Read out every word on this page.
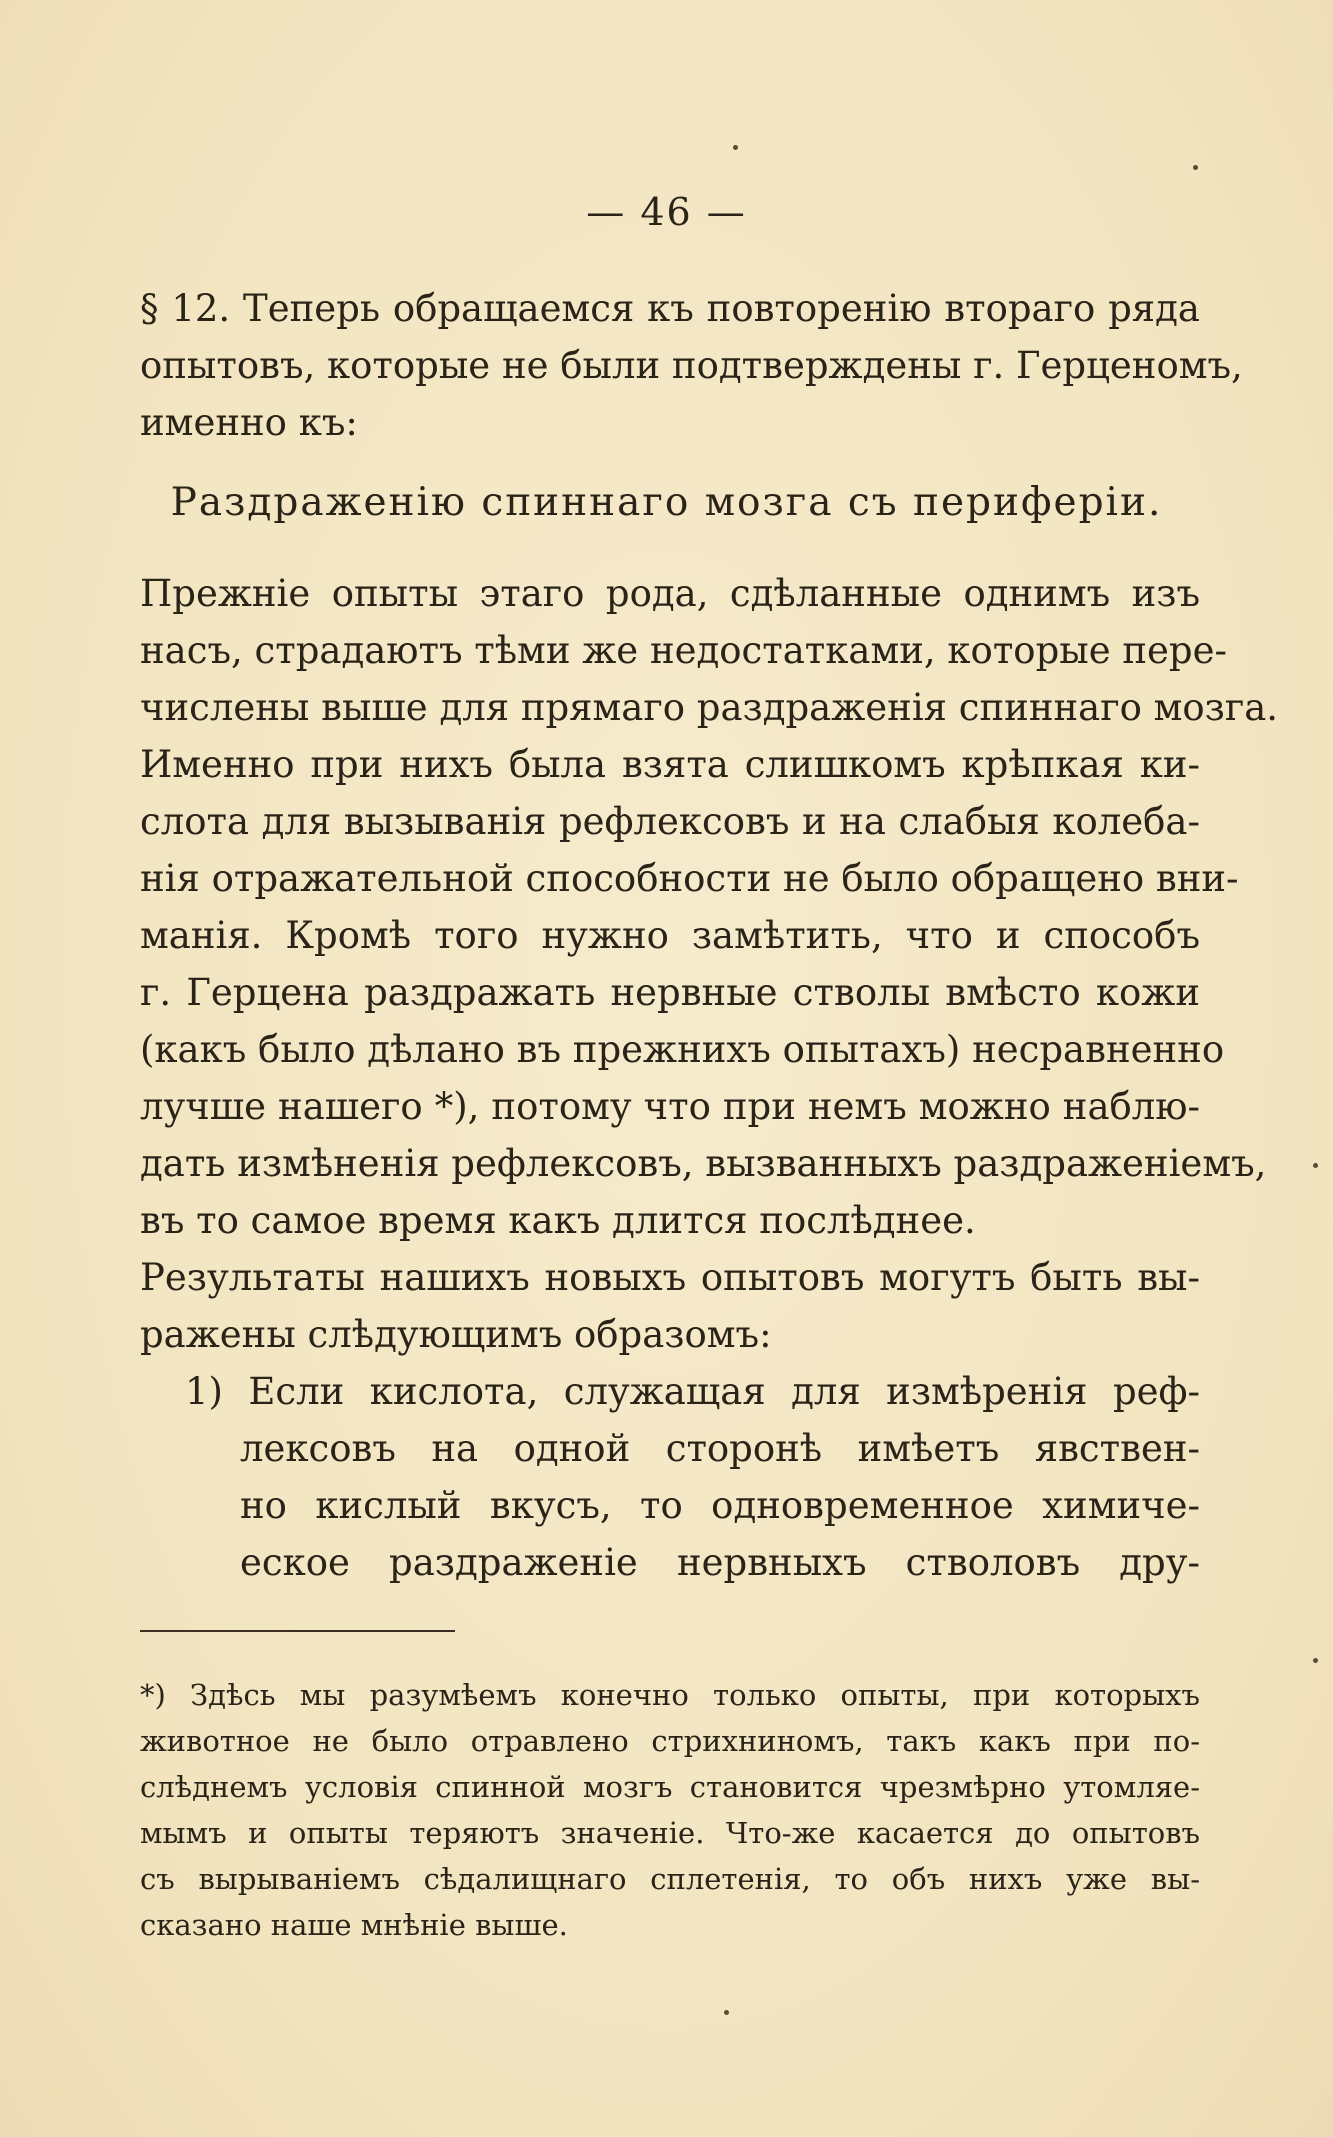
— 46 —
§ 12. Теперь обращаемся къ повторенію втораго ряда
опытовъ, которые не были подтверждены г. Герценомъ,
именно къ:
Раздраженію спиннаго мозга съ периферіи.
Прежніе опыты этаго рода, сдѣланные однимъ изъ
насъ, страдаютъ тѣми же недостатками, которые пере-
числены выше для прямаго раздраженія спиннаго мозга.
Именно при нихъ была взята слишкомъ крѣпкая ки-
слота для вызыванія рефлексовъ и на слабыя колеба-
нія отражательной способности не было обращено вни-
манія. Кромѣ того нужно замѣтить, что и способъ
г. Герцена раздражать нервные стволы вмѣсто кожи
(какъ было дѣлано въ прежнихъ опытахъ) несравненно
лучше нашего *), потому что при немъ можно наблю-
дать измѣненія рефлексовъ, вызванныхъ раздраженіемъ,
въ то самое время какъ длится послѣднее.
Результаты нашихъ новыхъ опытовъ могутъ быть вы-
ражены слѣдующимъ образомъ:
1) Если кислота, служащая для измѣренія реф-
лексовъ на одной сторонѣ имѣетъ явствен-
но кислый вкусъ, то одновременное химиче-
еское раздраженіе нервныхъ стволовъ дру-
*) Здѣсь мы разумѣемъ конечно только опыты, при которыхъ
животное не было отравлено стрихниномъ, такъ какъ при по-
слѣднемъ условія спинной мозгъ становится чрезмѣрно утомляе-
мымъ и опыты теряютъ значеніе. Что-же касается до опытовъ
съ вырываніемъ сѣдалищнаго сплетенія, то объ нихъ уже вы-
сказано наше мнѣніе выше.
